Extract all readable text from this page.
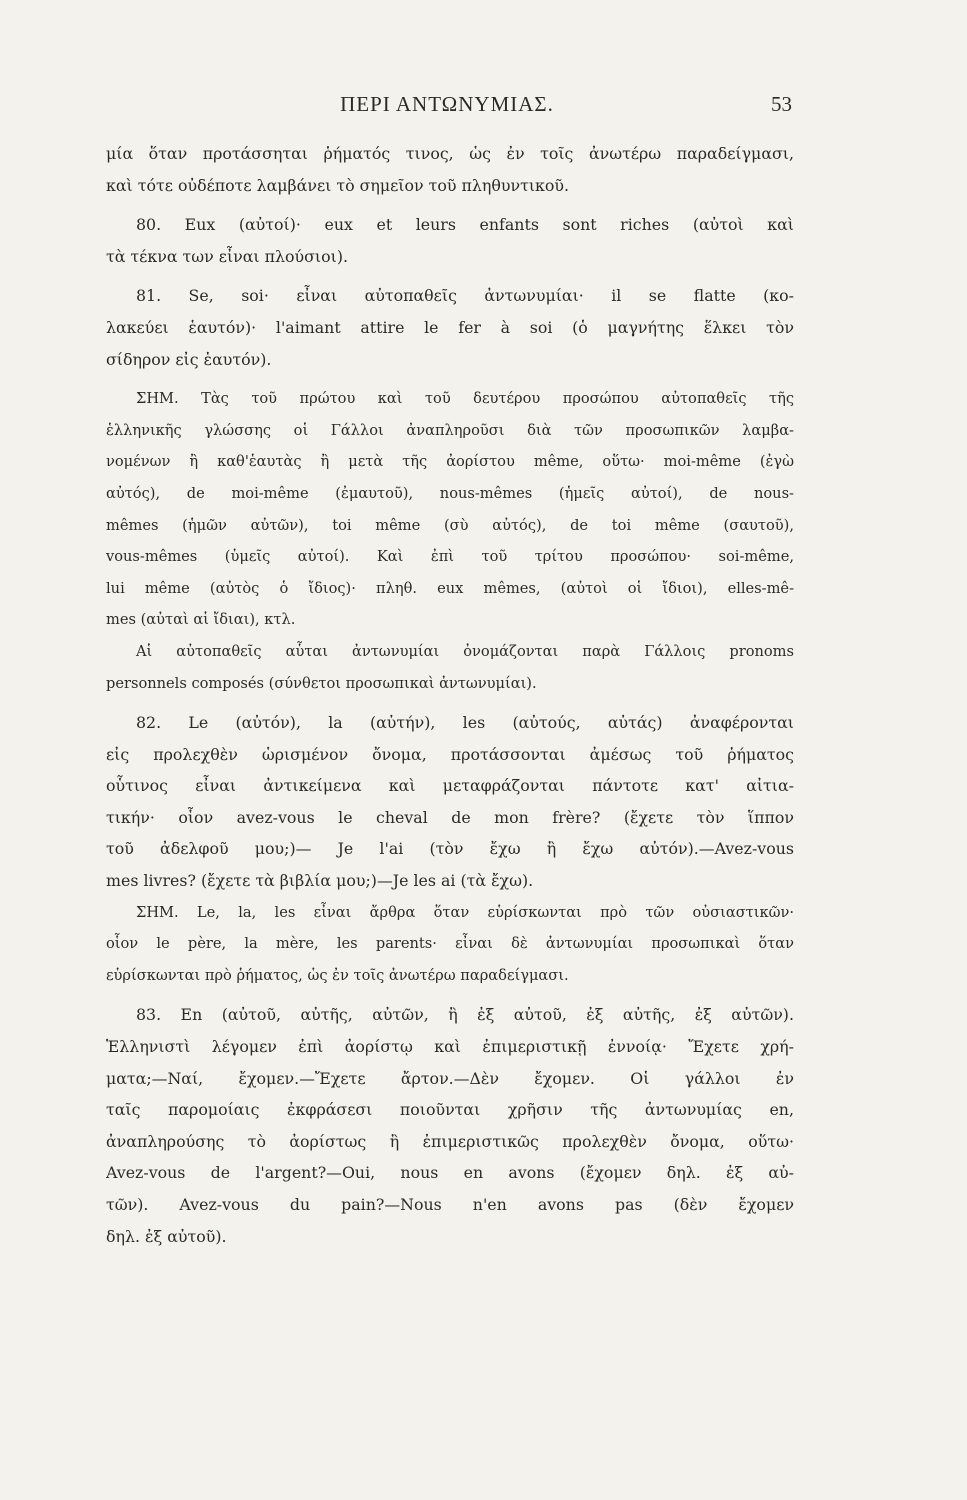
ΠΕΡΙ ΑΝΤΩΝΥΜΙΑΣ.	53
μία ὅταν προτάσσηται ῥήματός τινος, ὡς ἐν τοῖς ἀνωτέρω παραδείγμασι,
καὶ τότε οὐδέποτε λαμβάνει τὸ σημεῖον τοῦ πληθυντικοῦ.
80. Eux (αὐτοί)· eux et leurs enfants sont riches (αὐτοὶ καὶ
τὰ τέκνα των εἶναι πλούσιοι).
81. Se, soi· εἶναι αὐτοπαθεῖς ἀντωνυμίαι· il se flatte (κο-
λακεύει ἑαυτόν)· l'aimant attire le fer à soi (ὁ μαγνήτης ἕλκει τὸν
σίδηρον εἰς ἑαυτόν).
ΣΗΜ. Τὰς τοῦ πρώτου καὶ τοῦ δευτέρου προσώπου αὐτοπαθεῖς τῆς
ἑλληνικῆς γλώσσης οἱ Γάλλοι ἀναπληροῦσι διὰ τῶν προσωπικῶν λαμβα-
νομένων ἢ καθ'ἑαυτὰς ἢ μετὰ τῆς ἀορίστου même, οὕτω· moi-même (ἐγὼ
αὐτός), de moi-même (ἐμαυτοῦ), nous-mêmes (ἡμεῖς αὐτοί), de nous-
mêmes (ἡμῶν αὐτῶν), toi même (σὺ αὐτός), de toi même (σαυτοῦ),
vous-mêmes (ὑμεῖς αὐτοί). Καὶ ἐπὶ τοῦ τρίτου προσώπου· soi-même,
lui même (αὐτὸς ὁ ἴδιος)· πληθ. eux mêmes, (αὐτοὶ οἱ ἴδιοι), elles-mê-
mes (αὐταὶ αἱ ἴδιαι), κτλ.
Αἱ αὐτοπαθεῖς αὗται ἀντωνυμίαι ὀνομάζονται παρὰ Γάλλοις pronoms
personnels composés (σύνθετοι προσωπικαὶ ἀντωνυμίαι).
82. Le (αὐτόν), la (αὐτήν), les (αὐτούς, αὐτάς) ἀναφέρονται
εἰς προλεχθὲν ὡρισμένον ὄνομα, προτάσσονται ἀμέσως τοῦ ῥήματος
οὗτινος εἶναι ἀντικείμενα καὶ μεταφράζονται πάντοτε κατ' αἰτια-
τικήν· οἷον avez-vous le cheval de mon frère? (ἔχετε τὸν ἵππον
τοῦ ἀδελφοῦ μου;)— Je l'ai (τὸν ἔχω ἢ ἔχω αὐτόν).—Avez-vous
mes livres? (ἔχετε τὰ βιβλία μου;)—Je les ai (τὰ ἔχω).
ΣΗΜ. Le, la, les εἶναι ἄρθρα ὅταν εὑρίσκωνται πρὸ τῶν οὐσιαστικῶν·
οἷον le père, la mère, les parents· εἶναι δὲ ἀντωνυμίαι προσωπικαὶ ὅταν
εὑρίσκωνται πρὸ ῥήματος, ὡς ἐν τοῖς ἀνωτέρω παραδείγμασι.
83. En (αὐτοῦ, αὐτῆς, αὐτῶν, ἢ ἐξ αὐτοῦ, ἐξ αὐτῆς, ἐξ αὐτῶν).
Ἑλληνιστὶ λέγομεν ἐπὶ ἀορίστῳ καὶ ἐπιμεριστικῇ ἐννοίᾳ· Ἔχετε χρή-
ματα;—Ναί, ἔχομεν.—Ἔχετε ἄρτον.—Δὲν ἔχομεν. Οἱ γάλλοι ἐν
ταῖς παρομοίαις ἐκφράσεσι ποιοῦνται χρῆσιν τῆς ἀντωνυμίας en,
ἀναπληρούσης τὸ ἀορίστως ἢ ἐπιμεριστικῶς προλεχθὲν ὄνομα, οὕτω·
Avez-vous de l'argent?—Oui, nous en avons (ἔχομεν δηλ. ἐξ αὐ-
τῶν). Avez-vous du pain?—Nous n'en avons pas (δὲν ἔχομεν
δηλ. ἐξ αὐτοῦ).
